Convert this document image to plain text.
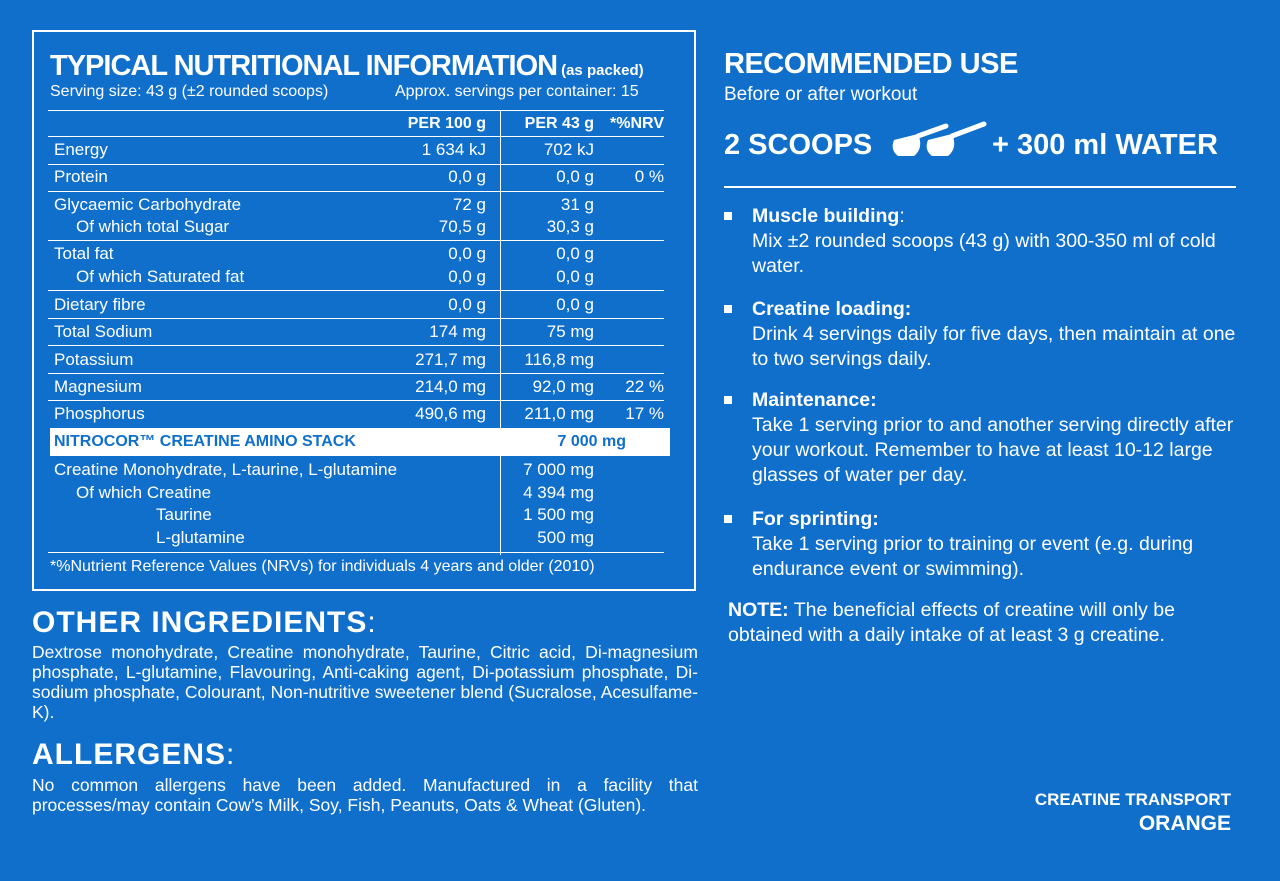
TYPICAL NUTRITIONAL INFORMATION (as packed)
Serving size: 43 g (±2 rounded scoops)	Approx. servings per container: 15
PER 100 g PER 43 g *%NRV
Energy	1 634 kJ	702 kJ
Protein	0,0 g	0,0 g 0 %
Glycaemic Carbohydrate	72 g	31 g
Of which total Sugar	70,5 g	30,3 g
Total fat	0,0 g	0,0 g
Of which Saturated fat	0,0 g	0,0 g
Dietary fibre	0,0 g	0,0 g
Total Sodium	174 mg	75 mg
Potassium	271,7 mg 116,8 mg
Magnesium	214,0 mg	92,0 mg 22 %
Phosphorus	490,6 mg 211,0 mg 17 %
NITROCOR™ CREATINE AMINO STACK	7 000 mg
Creatine Monohydrate, L-taurine, L-glutamine	7 000 mg
Of which Creatine	4 394 mg
Taurine	1 500 mg
L-glutamine	500 mg
*%Nutrient Reference Values (NRVs) for individuals 4 years and older (2010)
OTHER INGREDIENTS:

Dextrose monohydrate, Creatine monohydrate, Taurine, Citric acid, Di-magnesium phosphate, L-glutamine, Flavouring, Anti-caking agent, Di-potassium phosphate, Di-sodium phosphate, Colourant, Non-nutritive sweetener blend (Sucralose, Acesulfame-K).

ALLERGENS:

No common allergens have been added. Manufactured in a facility that processes/may contain Cow’s Milk, Soy, Fish, Peanuts, Oats & Wheat (Gluten).

RECOMMENDED USE
Before or after workout
2 SCOOPS	+ 300 ml WATER
Muscle building:
Mix ±2 rounded scoops (43 g) with 300-350 ml of cold water.
Creatine loading:
Drink 4 servings daily for five days, then maintain at one to two servings daily.
Maintenance:
Take 1 serving prior to and another serving directly after your workout. Remember to have at least 10-12 large glasses of water per day.
For sprinting:
Take 1 serving prior to training or event (e.g. during endurance event or swimming).
NOTE: The beneficial effects of creatine will only be obtained with a daily intake of at least 3 g creatine.
CREATINE TRANSPORT
ORANGE
